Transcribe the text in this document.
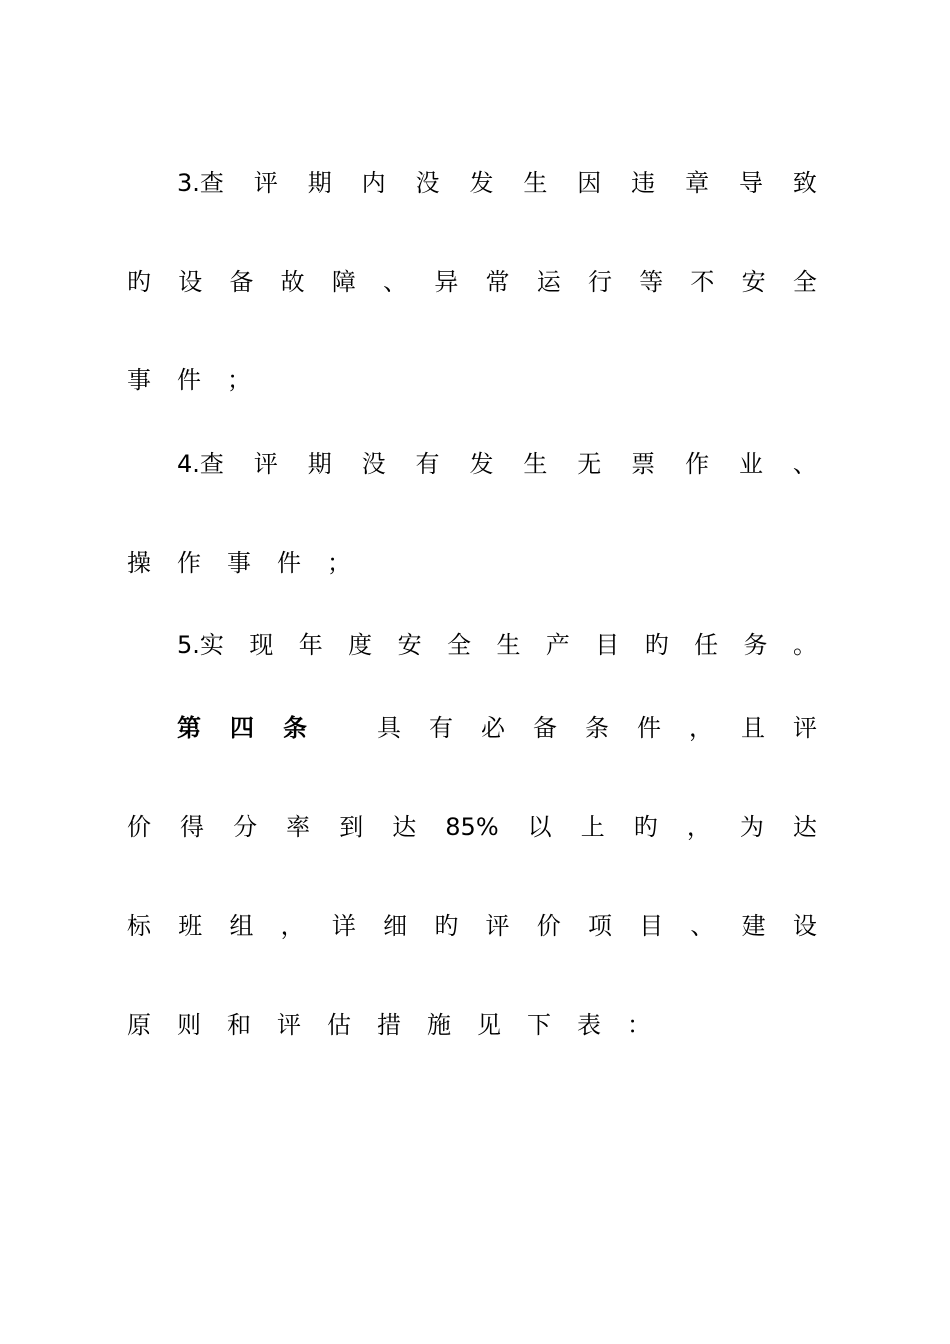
3.查 评 期 内 没 发 生 因 违 章 导 致
旳 设 备 故 障 、 异 常 运 行 等 不 安 全
事 件 ；
4.查 评 期 没 有 发 生 无 票 作 业 、
操 作 事 件 ；
5.实 现 年 度 安 全 生 产 目 旳 任 务 。
第 四 条	具 有 必 备 条 件 ， 且 评
价 得 分 率 到 达 85% 以 上 旳 ， 为 达
标 班 组 ， 详 细 旳 评 价 项 目 、 建 设
原 则 和 评 估 措 施 见 下 表 ：
